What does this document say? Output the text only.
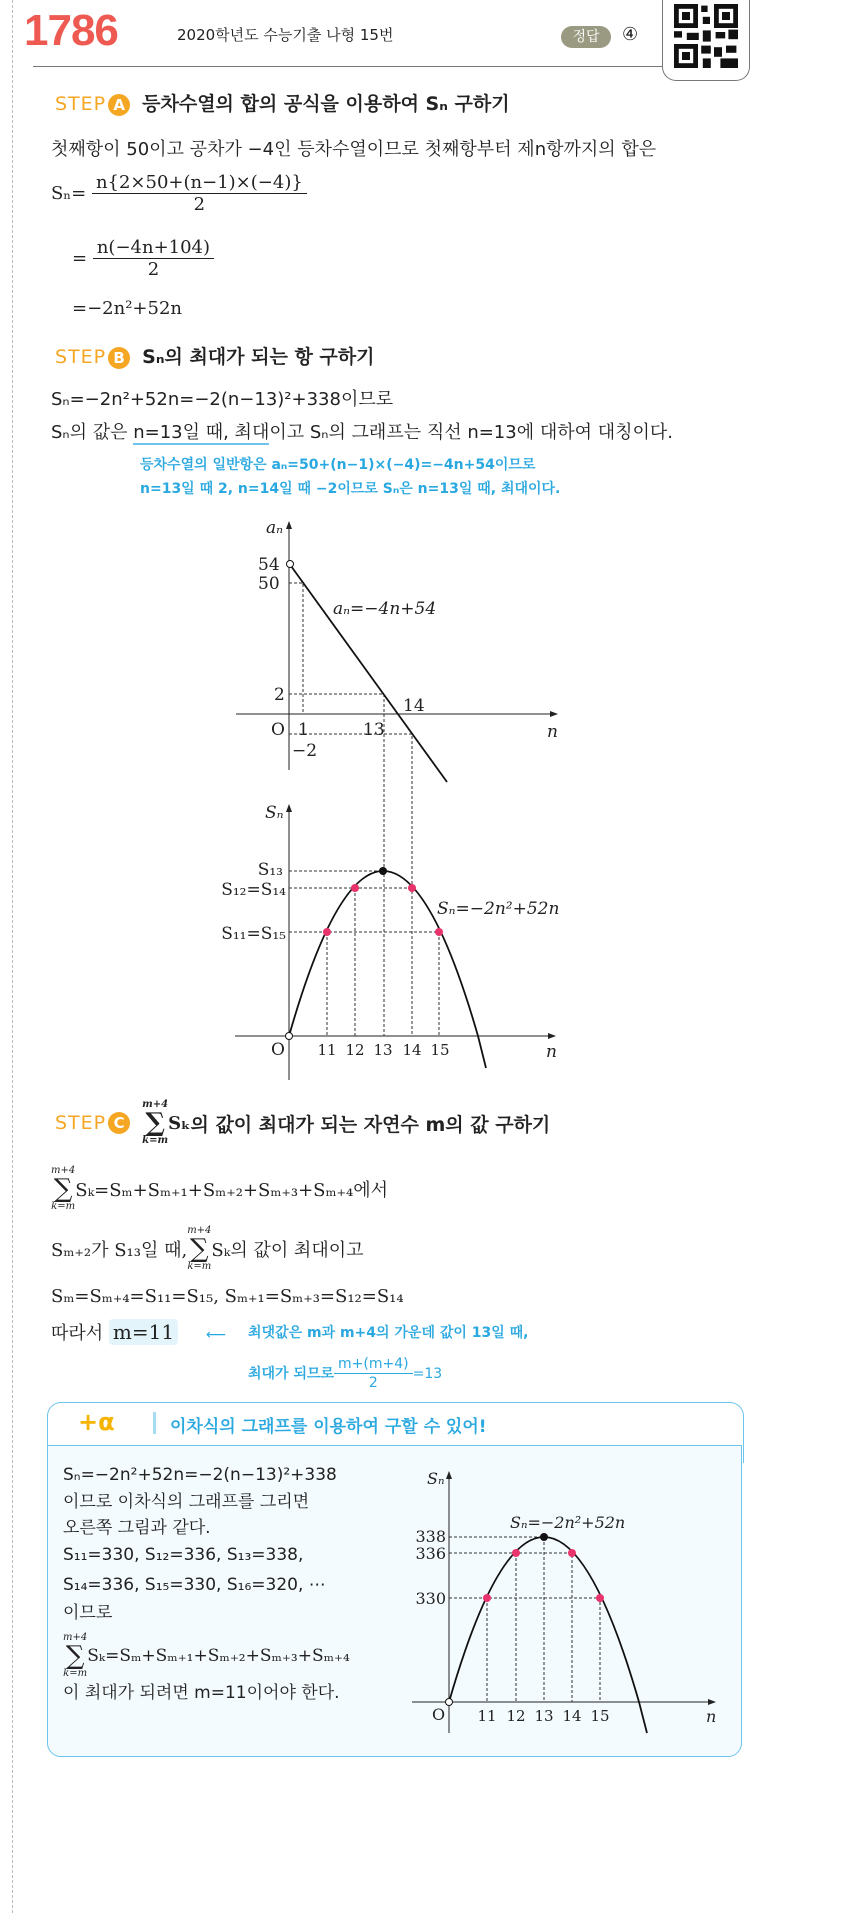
1786	2020학년도 수능기출 나형 15번	정답	④
STEP A 등차수열의 합의 공식을 이용하여 Sₙ 구하기
첫째항이 50이고 공차가 −4인 등차수열이므로 첫째항부터 제n항까지의 합은
$S_n= \frac{n\{2\times 50+(n-1)\times(-4)\}}{2}$
= $\frac{n(-4n+104)}{2}$
=−2n²+52n
STEP B Sₙ의 최대가 되는 항 구하기
Sₙ=−2n²+52n=−2(n−13)²+338이므로
Sₙ의 값은 n=13일 때, 최대이고 Sₙ의 그래프는 직선 n=13에 대하여 대칭이다.
등차수열의 일반항은 aₙ=50+(n−1)×(−4)=−4n+54이므로
n=13일 때 2, n=14일 때 −2이므로 Sₙ은 n=13일 때, 최대이다.
aₙ
54
50
2
−2
O 1	13
14
n
aₙ=−4n+54
Sₙ
S₁₃
S₁₂=S₁₄
S₁₁=S₁₅
O 11 12 13 14 15	n
Sₙ=−2n²+52n
STEP C
m+4
∑
k=m
Sₖ 의 값이 최대가 되는 자연수 m의 값 구하기
m+4
∑
k=m
Sₖ=Sₘ+Sₘ₊₁+Sₘ₊₂+Sₘ₊₃+Sₘ₊₄에서
Sₘ₊₂가 S₁₃일 때,
m+4
∑
k=m
Sₖ의 값이 최대이고
Sₘ=Sₘ₊₄=S₁₁=S₁₅, Sₘ₊₁=Sₘ₊₃=S₁₂=S₁₄
따라서 m=11 ⟵ 최댓값은 m과 m+4의 가운데 값이 13일 때,
최대가 되므로 $\frac{m+(m+4)}{2} =13$
+α	이차식의 그래프를 이용하여 구할 수 있어!
Sₙ=−2n²+52n=−2(n−13)²+338
이므로 이차식의 그래프를 그리면
오른쪽 그림과 같다.
S₁₁=330, S₁₂=336, S₁₃=338,
S₁₄=336, S₁₅=330, S₁₆=320, ⋯
이므로
m+4
∑
k=m
Sₖ=Sₘ+Sₘ₊₁+Sₘ₊₂+Sₘ₊₃+Sₘ₊₄
이 최대가 되려면 m=11이어야 한다.
Sₙ
338
336
330
O 11 12 13 14 15	n
Sₙ=−2n²+52n
